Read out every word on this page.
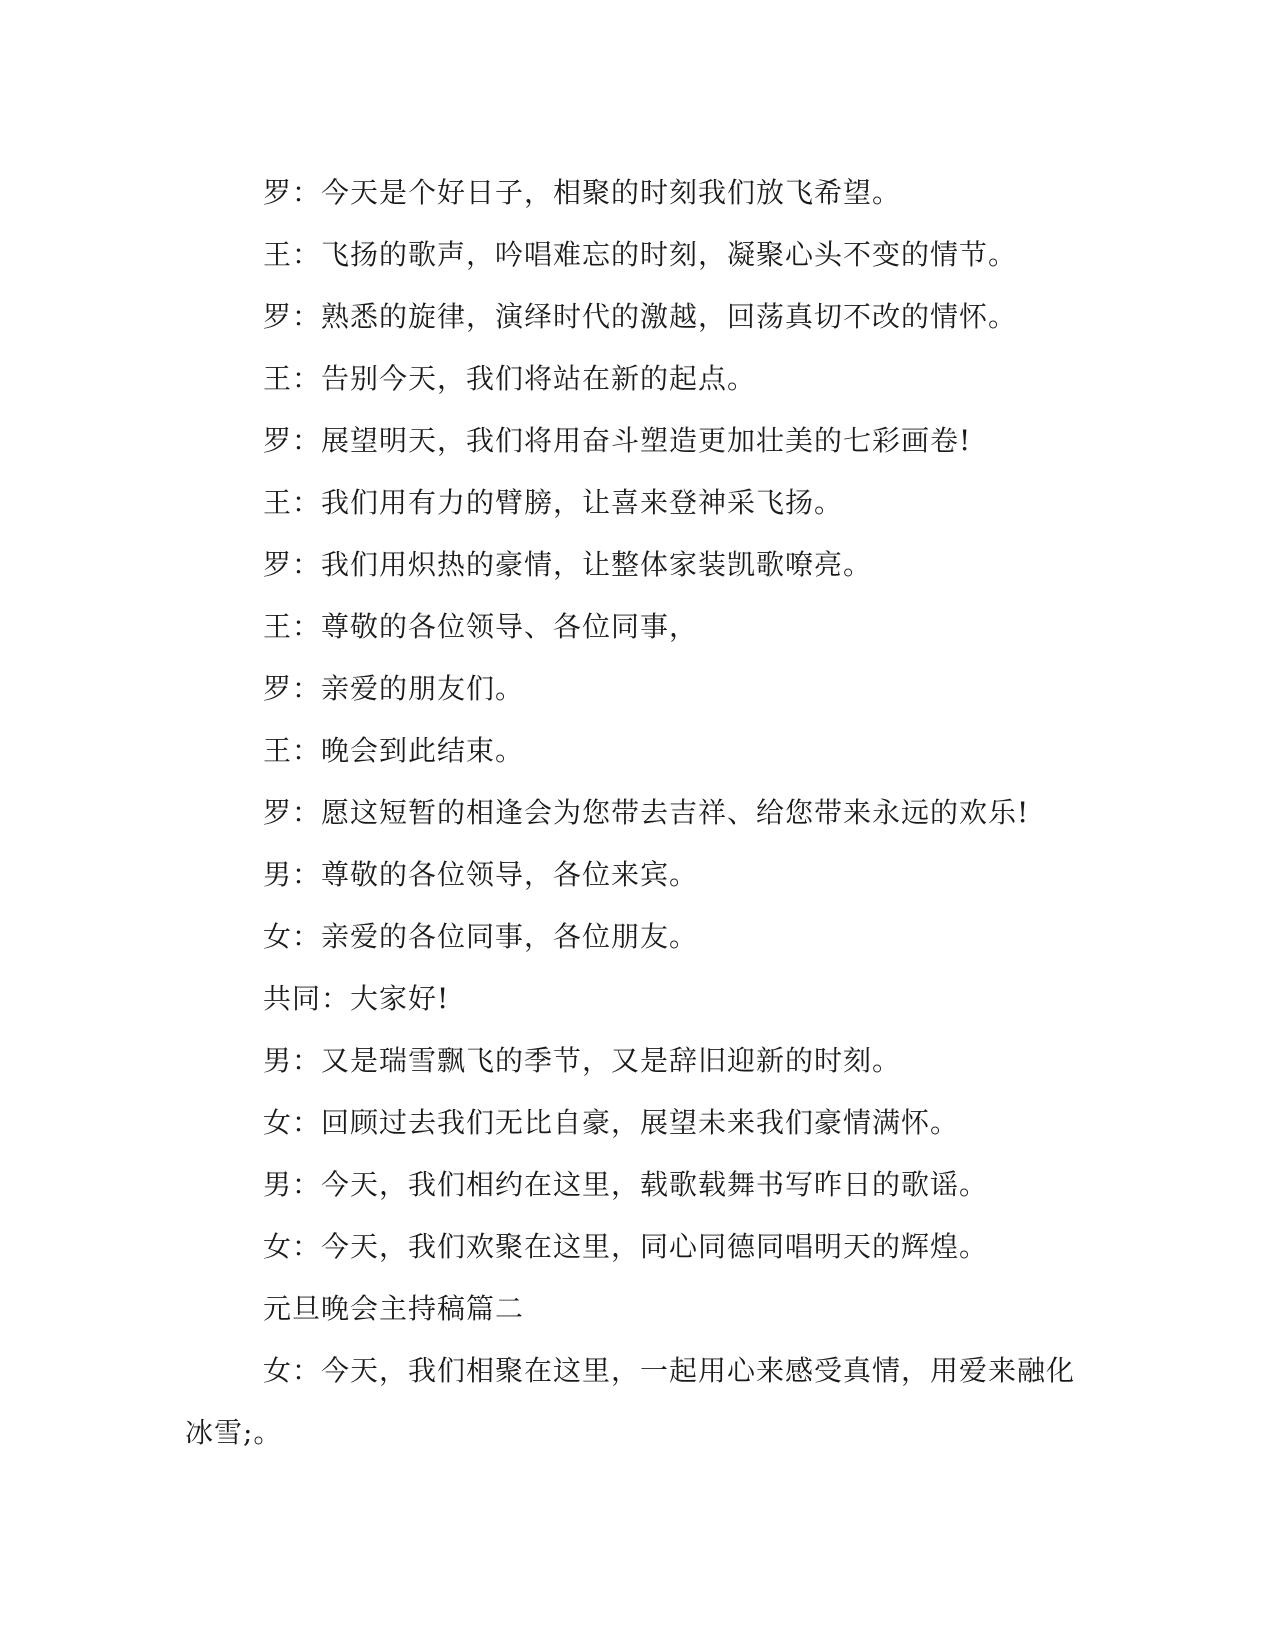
罗：今天是个好日子，相聚的时刻我们放飞希望。
王：飞扬的歌声，吟唱难忘的时刻，凝聚心头不变的情节。
罗：熟悉的旋律，演绎时代的激越，回荡真切不改的情怀。
王：告别今天，我们将站在新的起点。
罗：展望明天，我们将用奋斗塑造更加壮美的七彩画卷!
王：我们用有力的臂膀，让喜来登神采飞扬。
罗：我们用炽热的豪情，让整体家装凯歌嘹亮。
王：尊敬的各位领导、各位同事，
罗：亲爱的朋友们。
王：晚会到此结束。
罗：愿这短暂的相逢会为您带去吉祥、给您带来永远的欢乐!
男：尊敬的各位领导，各位来宾。
女：亲爱的各位同事，各位朋友。
共同：大家好!
男：又是瑞雪飘飞的季节，又是辞旧迎新的时刻。
女：回顾过去我们无比自豪，展望未来我们豪情满怀。
男：今天，我们相约在这里，载歌载舞书写昨日的歌谣。
女：今天，我们欢聚在这里，同心同德同唱明天的辉煌。
元旦晚会主持稿篇二

女：今天，我们相聚在这里，一起用心来感受真情，用爱来融化冰雪;。
